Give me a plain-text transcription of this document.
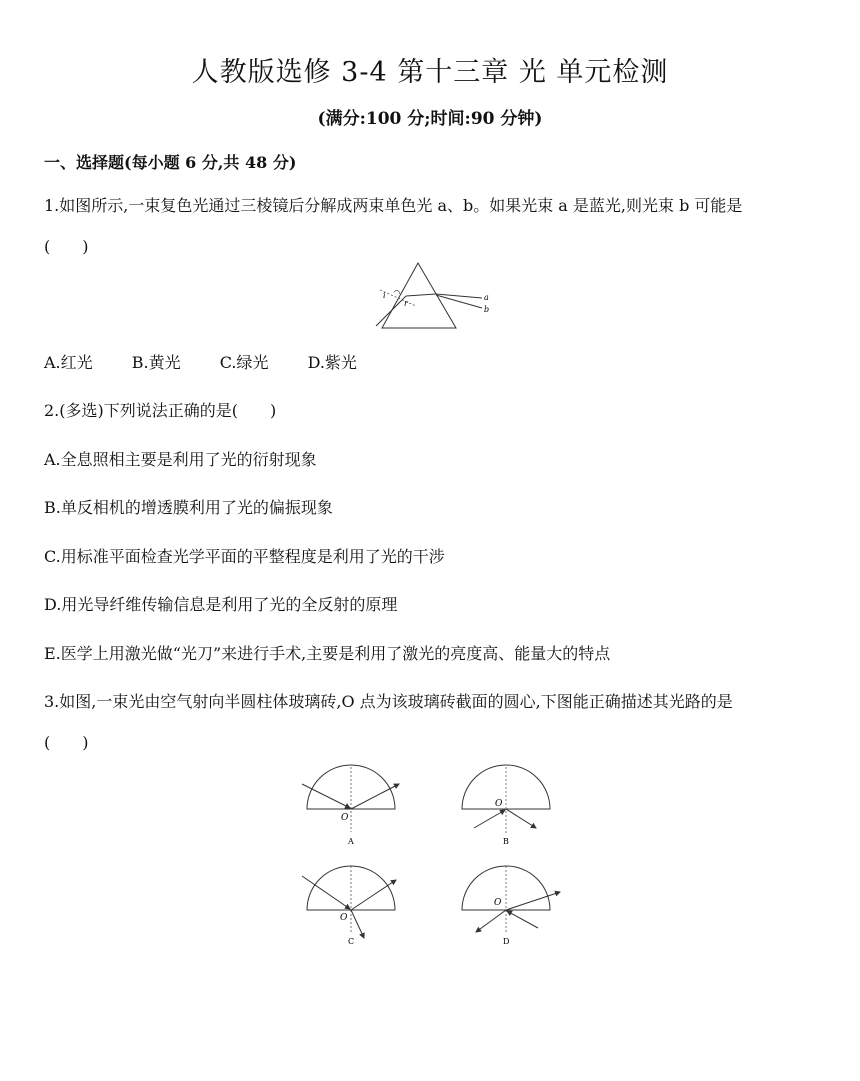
人教版选修 3-4 第十三章 光 单元检测
(满分:100 分;时间:90 分钟)
一、选择题(每小题 6 分,共 48 分)
1.如图所示,一束复色光通过三棱镜后分解成两束单色光 a、b。如果光束 a 是蓝光,则光束 b 可能是
(　　)
i
r
a
b
A.红光 B.黄光 C.绿光 D.紫光
2.(多选)下列说法正确的是(　　)
A.全息照相主要是利用了光的衍射现象
B.单反相机的增透膜利用了光的偏振现象
C.用标准平面检查光学平面的平整程度是利用了光的干涉
D.用光导纤维传输信息是利用了光的全反射的原理
E.医学上用激光做“光刀”来进行手术,主要是利用了激光的亮度高、能量大的特点
3.如图,一束光由空气射向半圆柱体玻璃砖,O 点为该玻璃砖截面的圆心,下图能正确描述其光路的是
(　　)
O
A
O
B
O
C
O
D
